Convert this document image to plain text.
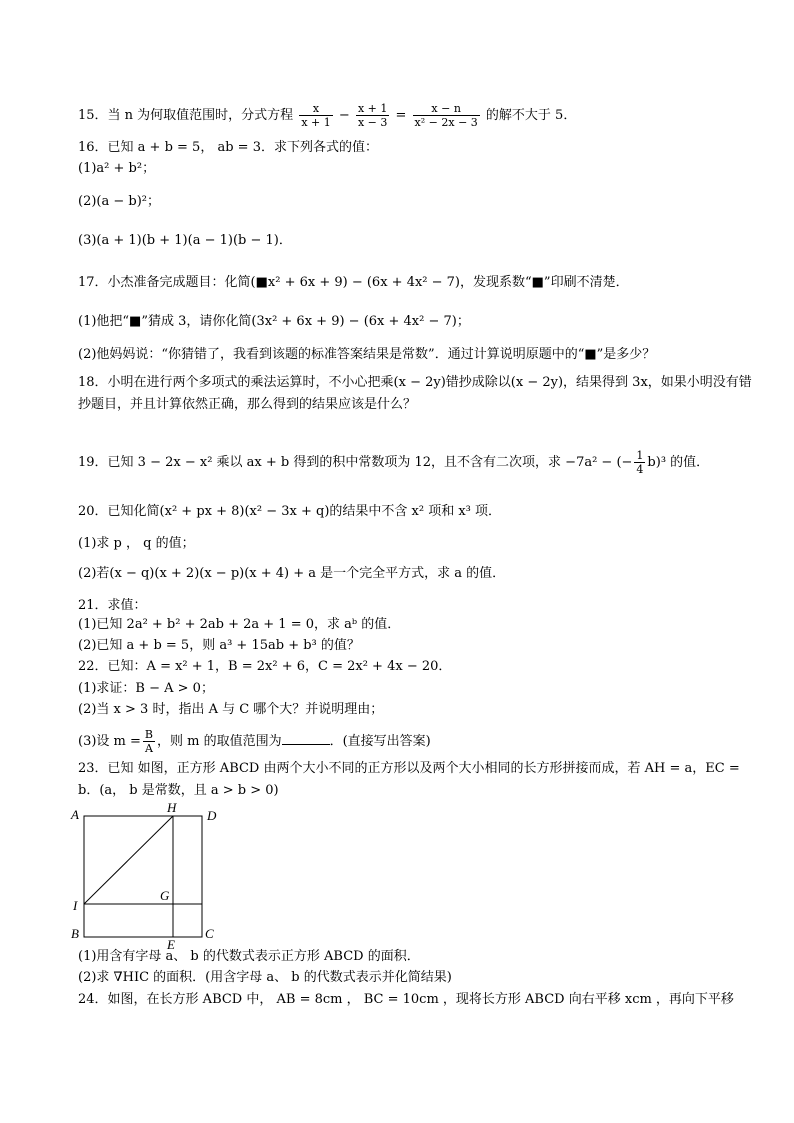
15．当 n 为何取值范围时，分式方程 $\frac{x}{x + 1} - \frac{x + 1}{x - 3} = \frac{x - n}{\text{x² − 2x − 3}}$ 的解不大于 5．
16．已知 a + b = 5， ab = 3．求下列各式的值：
(1)a² + b²；
(2)(a − b)²；
(3)(a + 1)(b + 1)(a − 1)(b − 1)．
17．小杰准备完成题目：化简(■x² + 6x + 9) − (6x + 4x² − 7)，发现系数“■”印刷不清楚．
(1)他把“■”猜成 3，请你化简(3x² + 6x + 9) − (6x + 4x² − 7)；
(2)他妈妈说：“你猜错了，我看到该题的标准答案结果是常数”．通过计算说明原题中的“■”是多少？
18．小明在进行两个多项式的乘法运算时，不小心把乘(x − 2y)错抄成除以(x − 2y)，结果得到 3x，如果小明没有错抄题目，并且计算依然正确，那么得到的结果应该是什么？
19．已知 3 − 2x − x² 乘以 ax + b 得到的积中常数项为 12，且不含有二次项，求 −7a² − (− $\frac{1}{4} b)^3$ 的值．
20．已知化简(x² + px + 8)(x² − 3x + q)的结果中不含 x² 项和 x³ 项．
(1)求 p ， q 的值；
(2)若(x − q)(x + 2)(x − p)(x + 4) + a 是一个完全平方式，求 a 的值．
21．求值：
(1)已知 2a² + b² + 2ab + 2a + 1 = 0，求 aᵇ 的值．
(2)已知 a + b = 5，则 a³ + 15ab + b³ 的值？
22．已知：A = x² + 1，B = 2x² + 6，C = 2x² + 4x − 20．
(1)求证：B − A > 0；
(2)当 x > 3 时，指出 A 与 C 哪个大？并说明理由；
(3)设 $m = \frac{B}{A}$ ，则 m 的取值范围为	．(直接写出答案)
23．已知 如图，正方形 ABCD 由两个大小不同的正方形以及两个大小相同的长方形拼接而成，若 AH = a，EC = b．(a， b 是常数，且 a > b > 0)
A	H
D
G
I
B
E
C
(1)用含有字母 a、 b 的代数式表示正方形 ABCD 的面积．
(2)求 ∇HIC 的面积．(用含字母 a、 b 的代数式表示并化简结果)
24．如图，在长方形 ABCD 中， AB = 8cm ， BC = 10cm ，现将长方形 ABCD 向右平移 xcm ，再向下平移
